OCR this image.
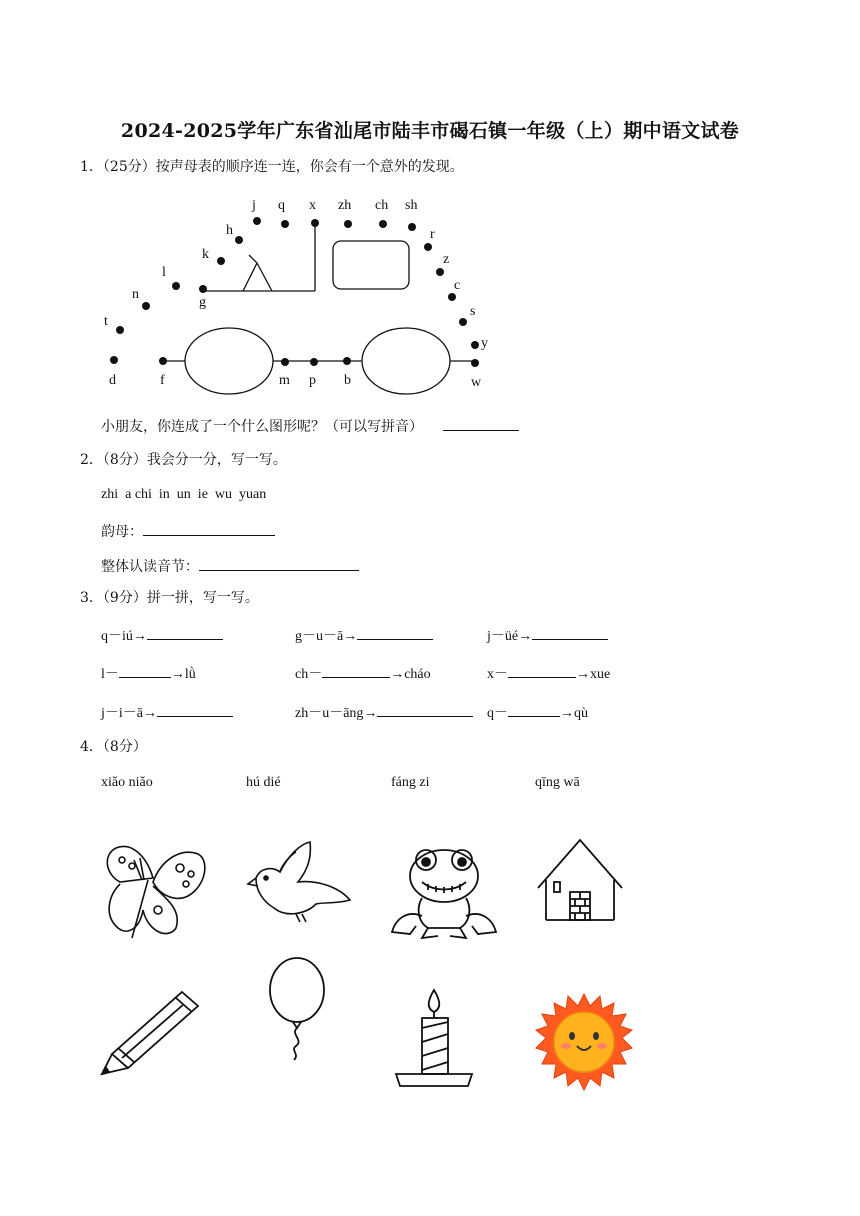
2024-2025学年广东省汕尾市陆丰市碣石镇一年级（上）期中语文试卷
1．（25分）按声母表的顺序连一连，你会有一个意外的发现。
j q x zh ch sh
h
k
l
n
t
d	f
g
m p b
r
z
c
s
y
w
小朋友，你连成了一个什么图形呢？（可以写拼音）
2．（8分）我会分一分，写一写。
zhi  a chi  in  un  ie  wu  yuan
韵母：
整体认读音节：
3．（9分）拼一拼，写一写。
q－iú→	g－u－ā→	j－üé→
l－	→lǜ	ch－	→cháo	x－	→xue
j－i－ā→	zh－u－āng→	q－	→qù
4．（8分）
xiǎo niǎo	hú dié	fáng zi	qīng wā
